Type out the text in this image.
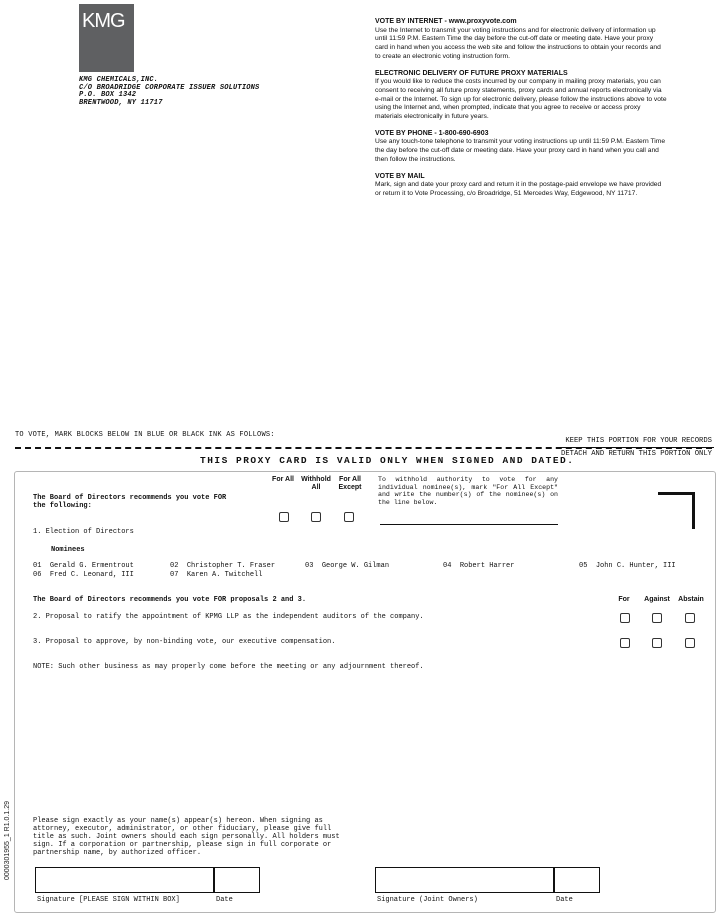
KMG
KMG CHEMICALS,INC.
C/O BROADRIDGE CORPORATE ISSUER SOLUTIONS
P.O. BOX 1342
BRENTWOOD, NY 11717
VOTE BY INTERNET - www.proxyvote.com

Use the Internet to transmit your voting instructions and for electronic delivery of information up until 11:59 P.M. Eastern Time the day before the cut-off date or meeting date. Have your proxy card in hand when you access the web site and follow the instructions to obtain your records and to create an electronic voting instruction form.

ELECTRONIC DELIVERY OF FUTURE PROXY MATERIALS

If you would like to reduce the costs incurred by our company in mailing proxy materials, you can consent to receiving all future proxy statements, proxy cards and annual reports electronically via e-mail or the Internet. To sign up for electronic delivery, please follow the instructions above to vote using the Internet and, when prompted, indicate that you agree to receive or access proxy materials electronically in future years.

VOTE BY PHONE - 1-800-690-6903

Use any touch-tone telephone to transmit your voting instructions up until 11:59 P.M. Eastern Time the day before the cut-off date or meeting date. Have your proxy card in hand when you call and then follow the instructions.

VOTE BY MAIL

Mark, sign and date your proxy card and return it in the postage-paid envelope we have provided or return it to Vote Processing, c/o Broadridge, 51 Mercedes Way, Edgewood, NY 11717.

TO VOTE, MARK BLOCKS BELOW IN BLUE OR BLACK INK AS FOLLOWS:
KEEP THIS PORTION FOR YOUR RECORDS
DETACH AND RETURN THIS PORTION ONLY
THIS PROXY CARD IS VALID ONLY WHEN SIGNED AND DATED.
The Board of Directors recommends you vote FOR the following:
For All	Withhold All
For All Except
To withhold authority to vote for any individual nominee(s), mark "For All Except" and write the number(s) of the nominee(s) on the line below.
1. Election of Directors
Nominees
01 Gerald G. Ermentrout	02 Christopher T. Fraser	03 George W. Gilman	04 Robert Harrer	05 John C. Hunter, III
06 Fred C. Leonard, III	07 Karen A. Twitchell
The Board of Directors recommends you vote FOR proposals 2 and 3.	For	Against	Abstain
2. Proposal to ratify the appointment of KPMG LLP as the independent auditors of the company.
3. Proposal to approve, by non-binding vote, our executive compensation.
NOTE: Such other business as may properly come before the meeting or any adjournment thereof.
Please sign exactly as your name(s) appear(s) hereon. When signing as attorney, executor, administrator, or other fiduciary, please give full title as such. Joint owners should each sign personally. All holders must sign. If a corporation or partnership, please sign in full corporate or partnership name, by authorized officer.
Signature [PLEASE SIGN WITHIN BOX]	Date	Signature (Joint Owners)	Date
0000301955_1 R1.0.1.29
